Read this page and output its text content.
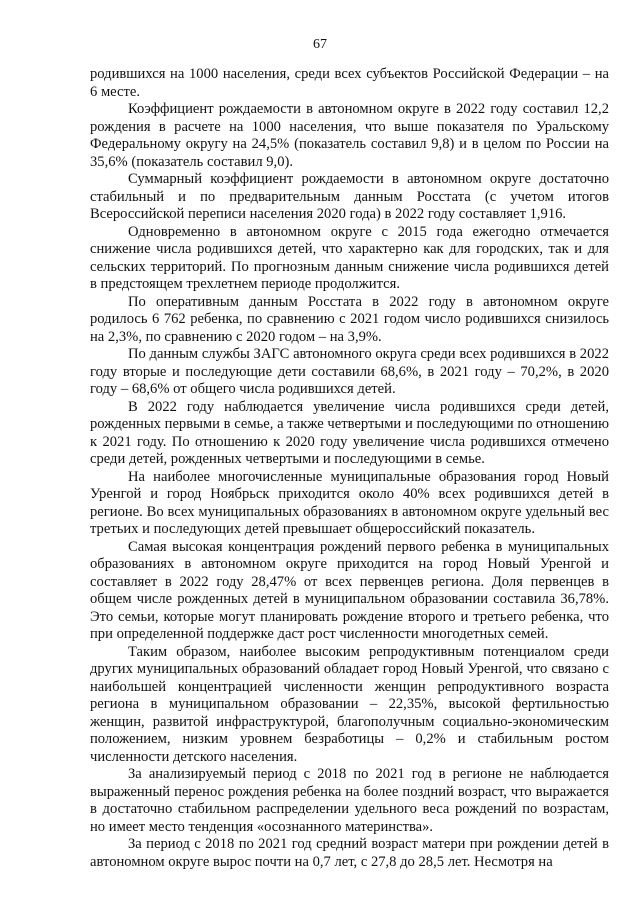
67

родившихся на 1000 населения, среди всех субъектов Российской Федерации – на 6 месте.

Коэффициент рождаемости в автономном округе в 2022 году составил 12,2 рождения в расчете на 1000 населения, что выше показателя по Уральскому Федеральному округу на 24,5% (показатель составил 9,8) и в целом по России на 35,6% (показатель составил 9,0).

Суммарный коэффициент рождаемости в автономном округе достаточно стабильный и по предварительным данным Росстата (с учетом итогов Всероссийской переписи населения 2020 года) в 2022 году составляет 1,916.

Одновременно в автономном округе с 2015 года ежегодно отмечается снижение числа родившихся детей, что характерно как для городских, так и для сельских территорий. По прогнозным данным снижение числа родившихся детей в предстоящем трехлетнем периоде продолжится.

По оперативным данным Росстата в 2022 году в автономном округе родилось 6 762 ребенка, по сравнению с 2021 годом число родившихся снизилось на 2,3%, по сравнению с 2020 годом – на 3,9%.

По данным службы ЗАГС автономного округа среди всех родившихся в 2022 году вторые и последующие дети составили 68,6%, в 2021 году – 70,2%, в 2020 году – 68,6% от общего числа родившихся детей.

В 2022 году наблюдается увеличение числа родившихся среди детей, рожденных первыми в семье, а также четвертыми и последующими по отношению к 2021 году. По отношению к 2020 году увеличение числа родившихся отмечено среди детей, рожденных четвертыми и последующими в семье.

На наиболее многочисленные муниципальные образования город Новый Уренгой и город Ноябрьск приходится около 40% всех родившихся детей в регионе. Во всех муниципальных образованиях в автономном округе удельный вес третьих и последующих детей превышает общероссийский показатель.

Самая высокая концентрация рождений первого ребенка в муниципальных образованиях в автономном округе приходится на город Новый Уренгой и составляет в 2022 году 28,47% от всех первенцев региона. Доля первенцев в общем числе рожденных детей в муниципальном образовании составила 36,78%. Это семьи, которые могут планировать рождение второго и третьего ребенка, что при определенной поддержке даст рост численности многодетных семей.

Таким образом, наиболее высоким репродуктивным потенциалом среди других муниципальных образований обладает город Новый Уренгой, что связано с наибольшей концентрацией численности женщин репродуктивного возраста региона в муниципальном образовании – 22,35%, высокой фертильностью женщин, развитой инфраструктурой, благополучным социально-экономическим положением, низким уровнем безработицы – 0,2% и стабильным ростом численности детского населения.

За анализируемый период с 2018 по 2021 год в регионе не наблюдается выраженный перенос рождения ребенка на более поздний возраст, что выражается в достаточно стабильном распределении удельного веса рождений по возрастам, но имеет место тенденция «осознанного материнства».

За период с 2018 по 2021 год средний возраст матери при рождении детей в автономном округе вырос почти на 0,7 лет, с 27,8 до 28,5 лет. Несмотря на
